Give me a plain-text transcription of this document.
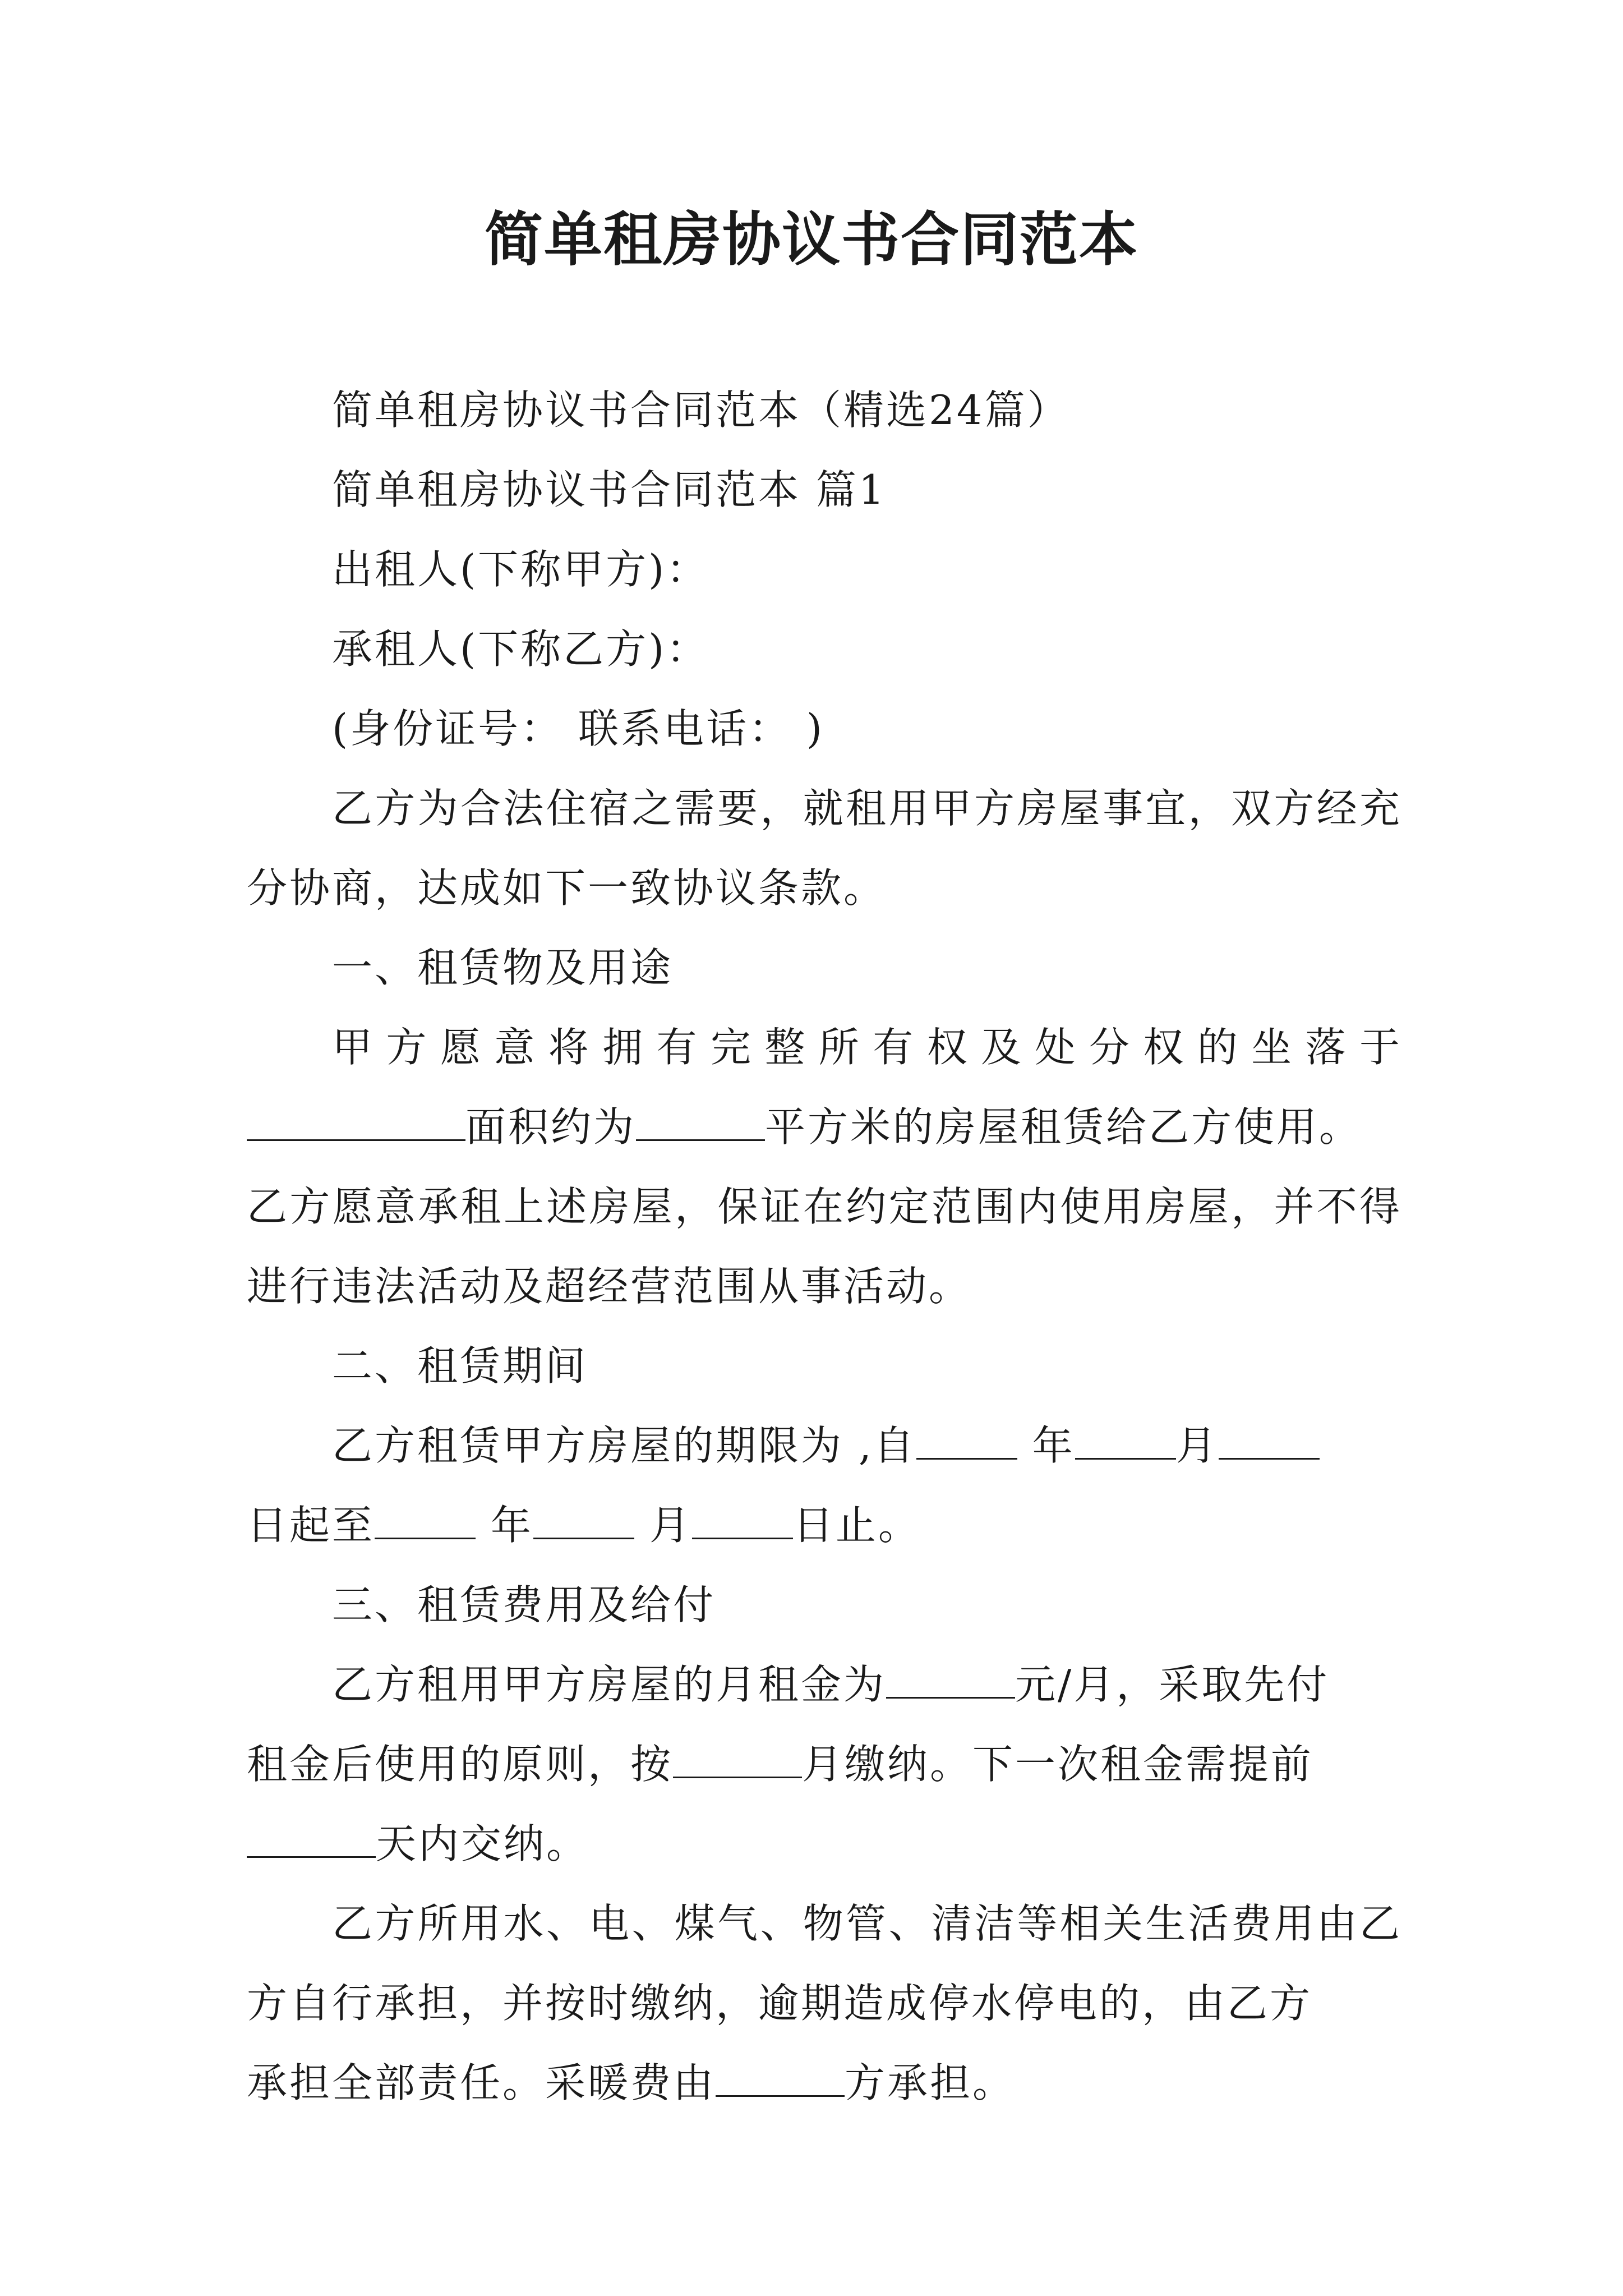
简单租房协议书合同范本

简单租房协议书合同范本（精选24篇）

简单租房协议书合同范本 篇1

出租人(下称甲方)：

承租人(下称乙方)：

(身份证号： 联系电话： )

乙方为合法住宿之需要，就租用甲方房屋事宜，双方经充分协商，达成如下一致协议条款。

一、租赁物及用途

甲方愿意将拥有完整所有权及处分权的坐落于

面积约为	平方米的房屋租赁给乙方使用。

乙方愿意承租上述房屋，保证在约定范围内使用房屋，并不得进行违法活动及超经营范围从事活动。

二、租赁期间

乙方租赁甲方房屋的期限为 ,自	年	月

日起至	年	月	日止。

三、租赁费用及给付

乙方租用甲方房屋的月租金为	元/月，采取先付

租金后使用的原则，按	月缴纳。下一次租金需提前

天内交纳。

乙方所用水、电、煤气、物管、清洁等相关生活费用由乙方自行承担，并按时缴纳，逾期造成停水停电的，由乙方

承担全部责任。采暖费由	方承担。
